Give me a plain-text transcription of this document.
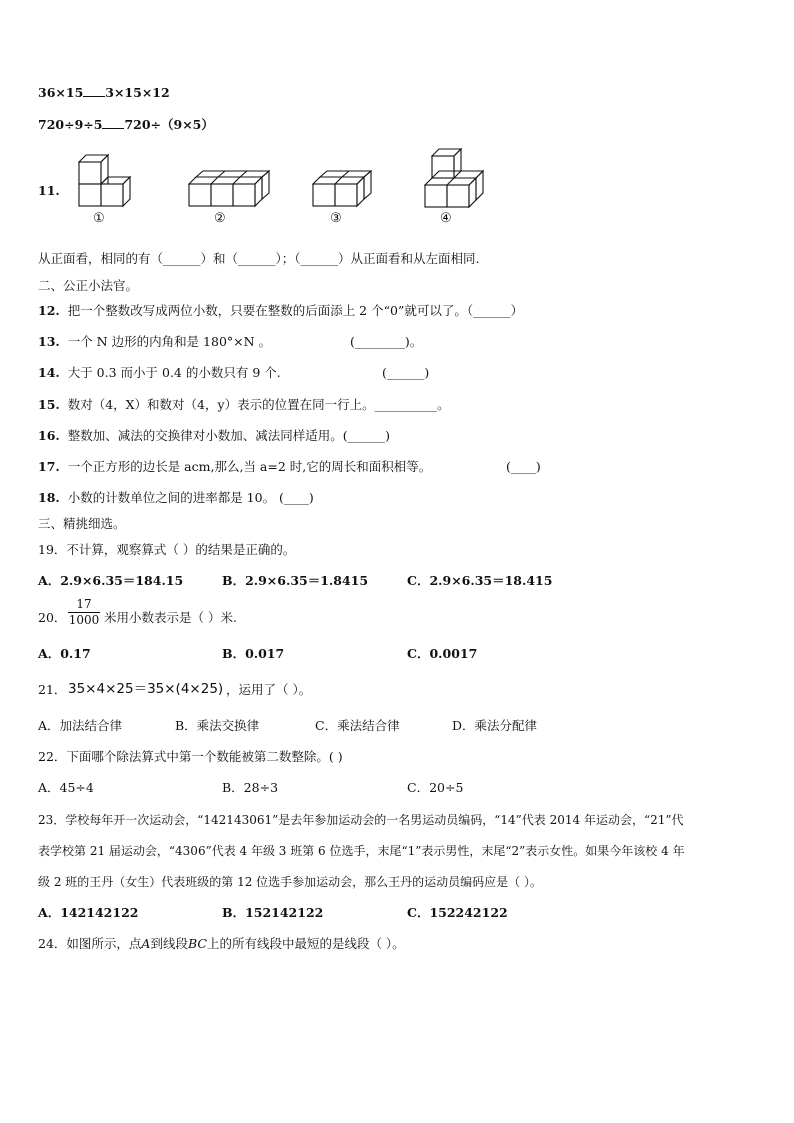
36×15 3×15×12
720÷9÷5 720÷（9×5）
11.
①	②	③	④
从正面看，相同的有（______）和（______）；（______）从正面看和从左面相同.
二、公正小法官。
12. 把一个整数改写成两位小数，只要在整数的后面添上 2 个“0”就可以了。（______）
13. 一个 N 边形的内角和是 180°×N 。	(________)。
14. 大于 0.3 而小于 0.4 的小数只有 9 个.	(______)
15. 数对（4，X）和数对（4，y）表示的位置在同一行上。__________。
16. 整数加、减法的交换律对小数加、减法同样适用。(______)
17. 一个正方形的边长是 acm,那么,当 a=2 时,它的周长和面积相等。	(____)
18. 小数的计数单位之间的进率都是 10。 (____)
三、精挑细选。
19．不计算，观察算式（ ）的结果是正确的。
A．2.9×6.35＝184.15	B．2.9×6.35＝1.8415	C．2.9×6.35＝18.415
20．
17
1000 米用小数表示是（ ）米.
A．0.17	B．0.017	C．0.0017
21． 35×4×25＝35×(4×25) ，运用了（ ）。
A．加法结合律	B．乘法交换律	C．乘法结合律	D．乘法分配律
22．下面哪个除法算式中第一个数能被第二数整除。( )
A．45÷4	B．28÷3	C．20÷5
23．学校每年开一次运动会，“142143061”是去年参加运动会的一名男运动员编码，“14”代表 2014 年运动会，“21”代
表学校第 21 届运动会，“4306”代表 4 年级 3 班第 6 位选手，末尾“1”表示男性，末尾“2”表示女性。如果今年该校 4 年
级 2 班的王丹（女生）代表班级的第 12 位选手参加运动会，那么王丹的运动员编码应是（ ）。
A．142142122	B．152142122	C．152242122
24．如图所示，点A到线段BC上的所有线段中最短的是线段（ ）。
